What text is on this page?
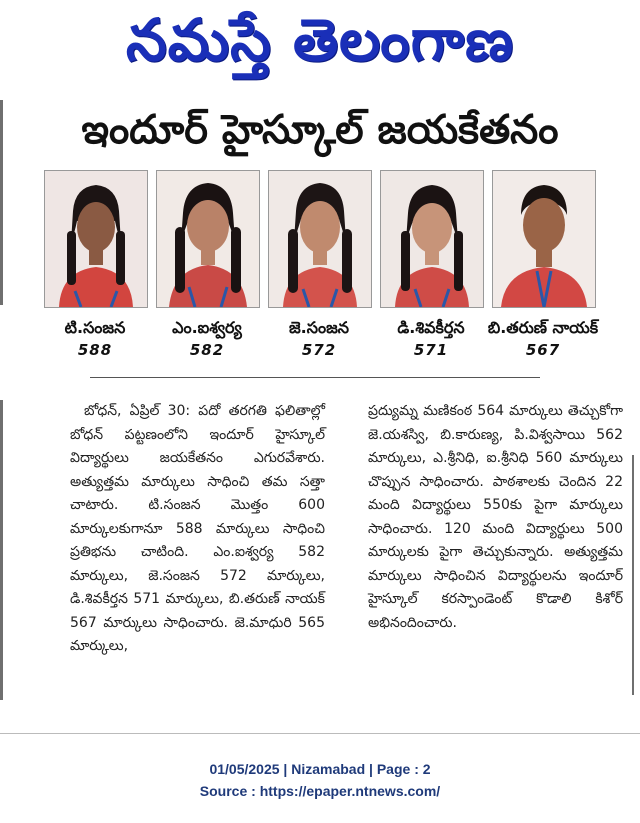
నమస్తే తెలంగాణ
ఇందూర్ హైస్కూల్ జయకేతనం
టి.సంజన
588
ఎం.ఐశ్వర్య
582
జె.సంజన
572
డి.శివకీర్తన
571
బి.తరుణ్ నాయక్
567
బోధన్, ఏప్రిల్ 30: పదో తరగతి ఫలితాల్లో బోధన్ పట్టణంలోని ఇందూర్ హైస్కూల్ విద్యార్థులు జయకేతనం ఎగురవేశారు. అత్యుత్తమ మార్కులు సాధించి తమ సత్తా చాటారు. టి.సంజన మొత్తం 600 మార్కులకుగానూ 588 మార్కులు సాధించి ప్రతిభను చాటింది. ఎం.ఐశ్వర్య 582 మార్కులు, జె.సంజన 572 మార్కులు, డి.శివకీర్తన 571 మార్కులు, బి.తరుణ్ నాయక్ 567 మార్కులు సాధించారు. జె.మాధురి 565 మార్కులు,
ప్రద్యుమ్న మణికంఠ 564 మార్కులు తెచ్చుకోగా జె.యశస్వి, బి.కారుణ్య, పి.విశ్వసాయి 562 మార్కులు, ఎ.శ్రీనిధి, ఐ.శ్రీనిధి 560 మార్కులు చొప్పున సాధించారు. పాఠశాలకు చెందిన 22 మంది విద్యార్థులు 550కు పైగా మార్కులు సాధించారు. 120 మంది విద్యార్థులు 500 మార్కులకు పైగా తెచ్చుకున్నారు. అత్యుత్తమ మార్కులు సాధించిన విద్యార్థులను ఇందూర్ హైస్కూల్ కరస్పాండెంట్ కొడాలి కిశోర్ అభినందించారు.
01/05/2025 | Nizamabad | Page : 2
Source : https://epaper.ntnews.com/
